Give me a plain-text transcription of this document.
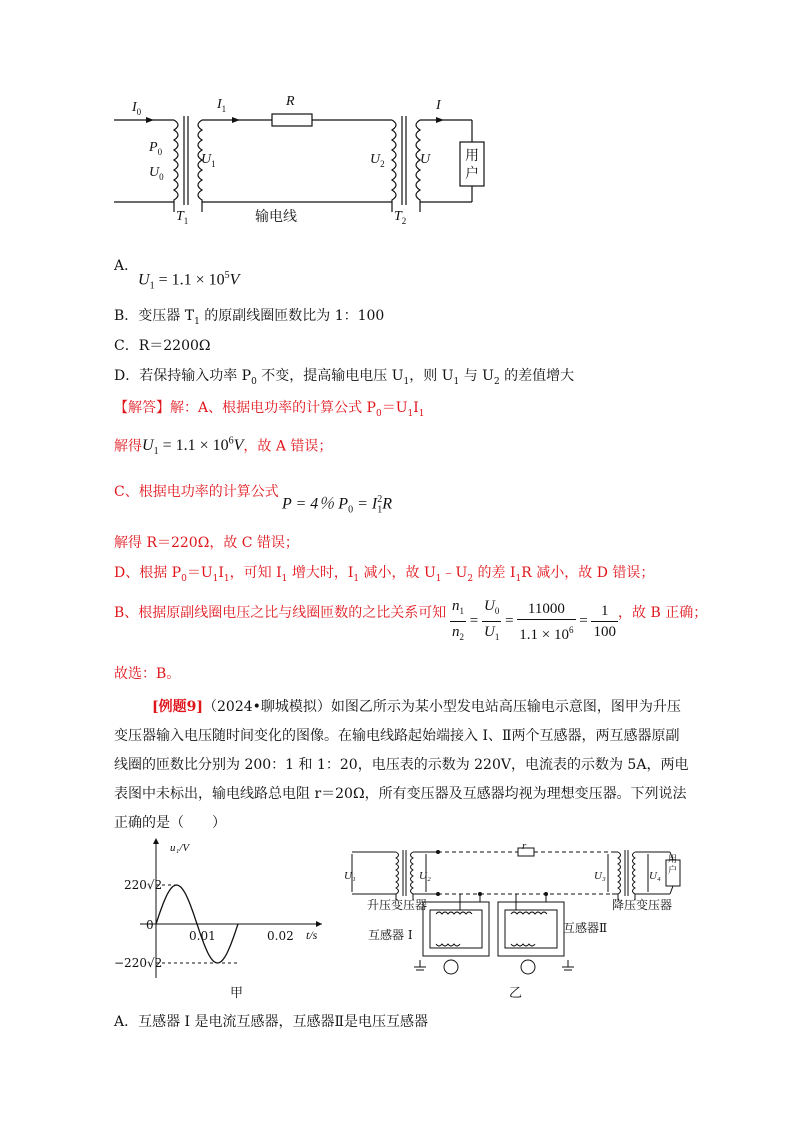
$I_0$	$I_1$	R	I
$P_0$
$U_0$
$U_1$	$U_2$	U
$T_1$	$T_2$
输电线
用
户
A．
$U_1 = 1.1 \times 10^5V$
B．变压器 $T_1$ 的原副线圈匝数比为 1：100
C．R＝2200Ω
D．若保持输入功率 $P_0$ 不变，提高输电电压 $U_1$，则 $U_1$ 与 $U_2$ 的差值增大
【解答】解：A、根据电功率的计算公式 $P_0=U_1I_1$
解得$U_1 = 1.1 \times 10^6V$，故 A 错误；
C、根据电功率的计算公式
P = 4％ $P_0 = I_1^2R$
解得 R＝220Ω，故 C 错误；
D、根据 $P_0=U_1I_1$，可知 $I_1$ 增大时，$I_1$ 减小，故 $U_1﹣U_2$ 的差 $I_1R$ 减小，故 D 错误；
B、根据原副线圈电压之比与线圈匝数的之比关系可知 $\frac{n_1}{n_2} = \frac{U_0}{U_1} = \frac{11000}{1.1 \times 10^6} = \frac{1}{100}$ ，故 B 正确；
故选：B。
[例题9]（2024•聊城模拟）如图乙所示为某小型发电站高压输电示意图，图甲为升压变压器输入电压随时间变化的图像。在输电线路起始端接入 I、Ⅱ两个互感器，两互感器原副线圈的匝数比分别为 200：1 和 1：20，电压表的示数为 220V，电流表的示数为 5A，两电表图中未标出，输电线路总电阻 r＝20Ω，所有变压器及互感器均视为理想变压器。下列说法正确的是（　　）
u₁/V
220√2
0
−220√2
0.01	0.02 t/s
甲
U₁	U₂	U₃	U₄
r
升压变压器	降压变压器
互感器 Ⅰ	互感器Ⅱ
用户
乙
A．互感器 I 是电流互感器，互感器Ⅱ是电压互感器
